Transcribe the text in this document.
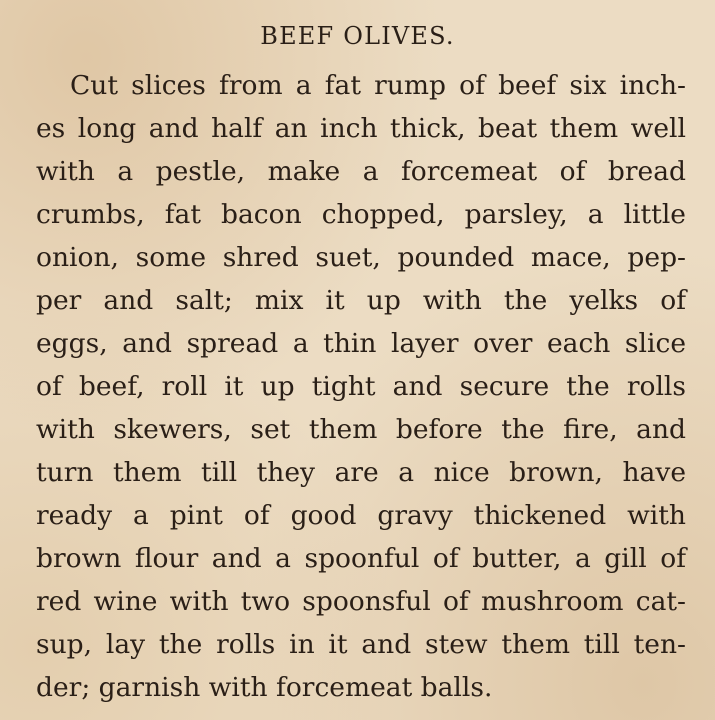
BEEF OLIVES.
Cut slices from a fat rump of beef six inch-
es long and half an inch thick, beat them well
with a pestle, make a forcemeat of bread
crumbs, fat bacon chopped, parsley, a little
onion, some shred suet, pounded mace, pep-
per and salt; mix it up with the yelks of
eggs, and spread a thin layer over each slice
of beef, roll it up tight and secure the rolls
with skewers, set them before the fire, and
turn them till they are a nice brown, have
ready a pint of good gravy thickened with
brown flour and a spoonful of butter, a gill of
red wine with two spoonsful of mushroom cat-
sup, lay the rolls in it and stew them till ten-
der; garnish with forcemeat balls.
